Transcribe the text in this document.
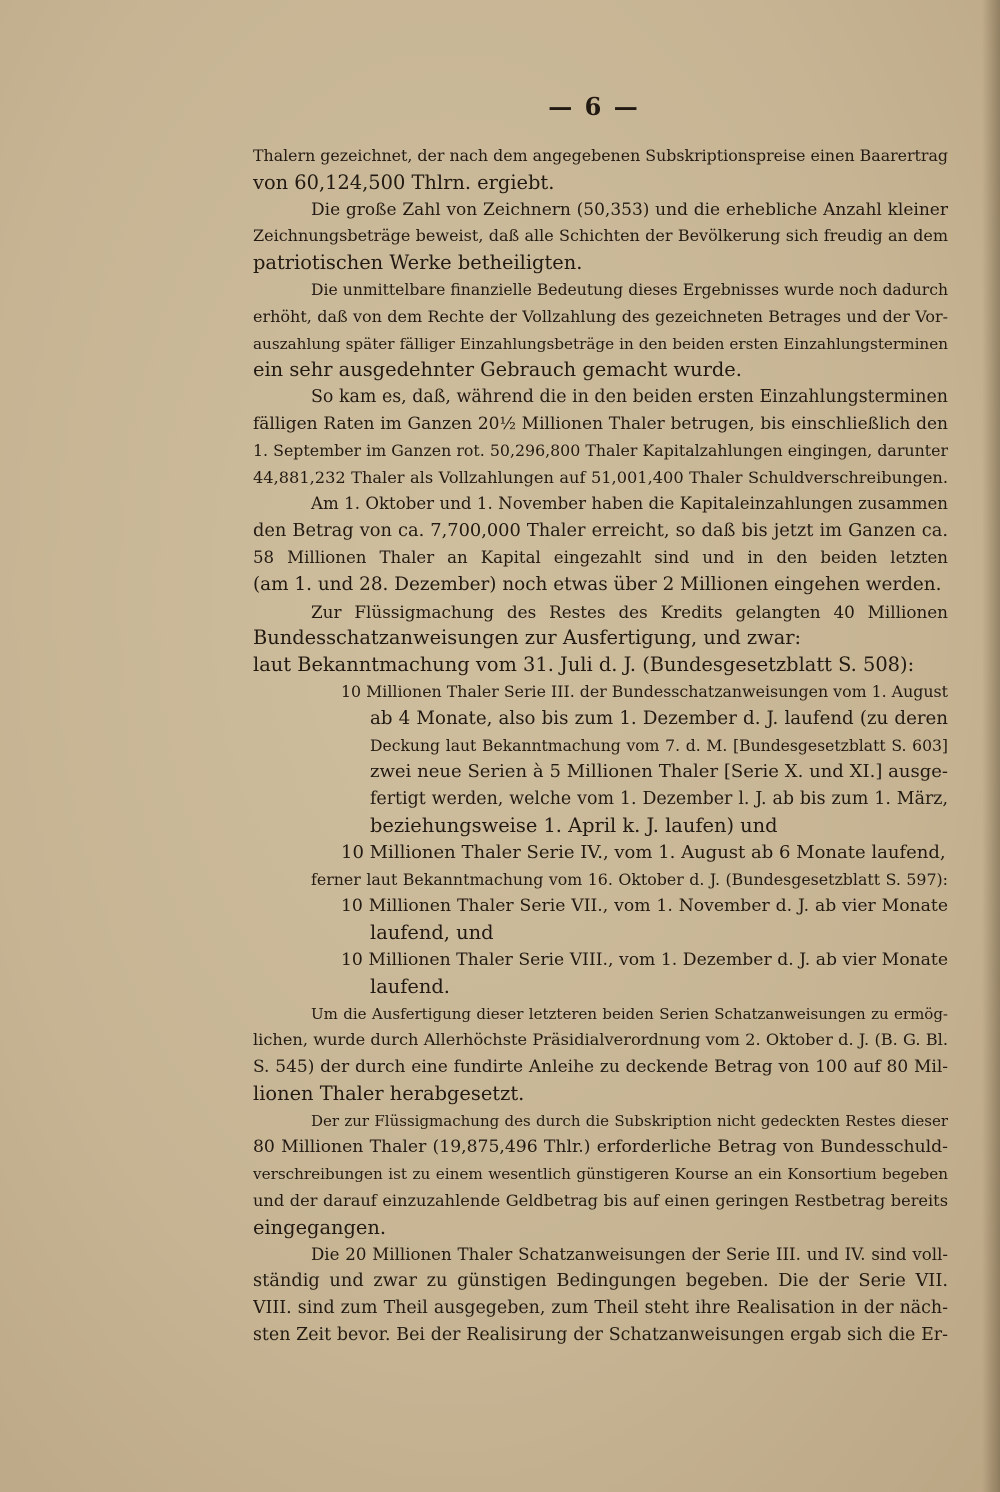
— 6 —
Thalern gezeichnet, der nach dem angegebenen Subskriptionspreise einen Baarertrag
von 60,124,500 Thlrn. ergiebt.
Die große Zahl von Zeichnern (50,353) und die erhebliche Anzahl kleiner
Zeichnungsbeträge beweist, daß alle Schichten der Bevölkerung sich freudig an dem
patriotischen Werke betheiligten.
Die unmittelbare finanzielle Bedeutung dieses Ergebnisses wurde noch dadurch
erhöht, daß von dem Rechte der Vollzahlung des gezeichneten Betrages und der Vor-
auszahlung später fälliger Einzahlungsbeträge in den beiden ersten Einzahlungsterminen
ein sehr ausgedehnter Gebrauch gemacht wurde.
So kam es, daß, während die in den beiden ersten Einzahlungsterminen
fälligen Raten im Ganzen 20½ Millionen Thaler betrugen, bis einschließlich den
1. September im Ganzen rot. 50,296,800 Thaler Kapitalzahlungen eingingen, darunter
44,881,232 Thaler als Vollzahlungen auf 51,001,400 Thaler Schuldverschreibungen.
Am 1. Oktober und 1. November haben die Kapitaleinzahlungen zusammen
den Betrag von ca. 7,700,000 Thaler erreicht, so daß bis jetzt im Ganzen ca.
58 Millionen Thaler an Kapital eingezahlt sind und in den beiden letzten
(am 1. und 28. Dezember) noch etwas über 2 Millionen eingehen werden.
Zur Flüssigmachung des Restes des Kredits gelangten 40 Millionen
Bundesschatzanweisungen zur Ausfertigung, und zwar:
laut Bekanntmachung vom 31. Juli d. J. (Bundesgesetzblatt S. 508):
10 Millionen Thaler Serie III. der Bundesschatzanweisungen vom 1. August
ab 4 Monate, also bis zum 1. Dezember d. J. laufend (zu deren
Deckung laut Bekanntmachung vom 7. d. M. [Bundesgesetzblatt S. 603]
zwei neue Serien à 5 Millionen Thaler [Serie X. und XI.] ausge-
fertigt werden, welche vom 1. Dezember l. J. ab bis zum 1. März,
beziehungsweise 1. April k. J. laufen) und
10 Millionen Thaler Serie IV., vom 1. August ab 6 Monate laufend,
ferner laut Bekanntmachung vom 16. Oktober d. J. (Bundesgesetzblatt S. 597):
10 Millionen Thaler Serie VII., vom 1. November d. J. ab vier Monate
laufend, und
10 Millionen Thaler Serie VIII., vom 1. Dezember d. J. ab vier Monate
laufend.
Um die Ausfertigung dieser letzteren beiden Serien Schatzanweisungen zu ermög-
lichen, wurde durch Allerhöchste Präsidialverordnung vom 2. Oktober d. J. (B. G. Bl.
S. 545) der durch eine fundirte Anleihe zu deckende Betrag von 100 auf 80 Mil-
lionen Thaler herabgesetzt.
Der zur Flüssigmachung des durch die Subskription nicht gedeckten Restes dieser
80 Millionen Thaler (19,875,496 Thlr.) erforderliche Betrag von Bundesschuld-
verschreibungen ist zu einem wesentlich günstigeren Kourse an ein Konsortium begeben
und der darauf einzuzahlende Geldbetrag bis auf einen geringen Restbetrag bereits
eingegangen.
Die 20 Millionen Thaler Schatzanweisungen der Serie III. und IV. sind voll-
ständig und zwar zu günstigen Bedingungen begeben. Die der Serie VII.
VIII. sind zum Theil ausgegeben, zum Theil steht ihre Realisation in der näch-
sten Zeit bevor. Bei der Realisirung der Schatzanweisungen ergab sich die Er-
